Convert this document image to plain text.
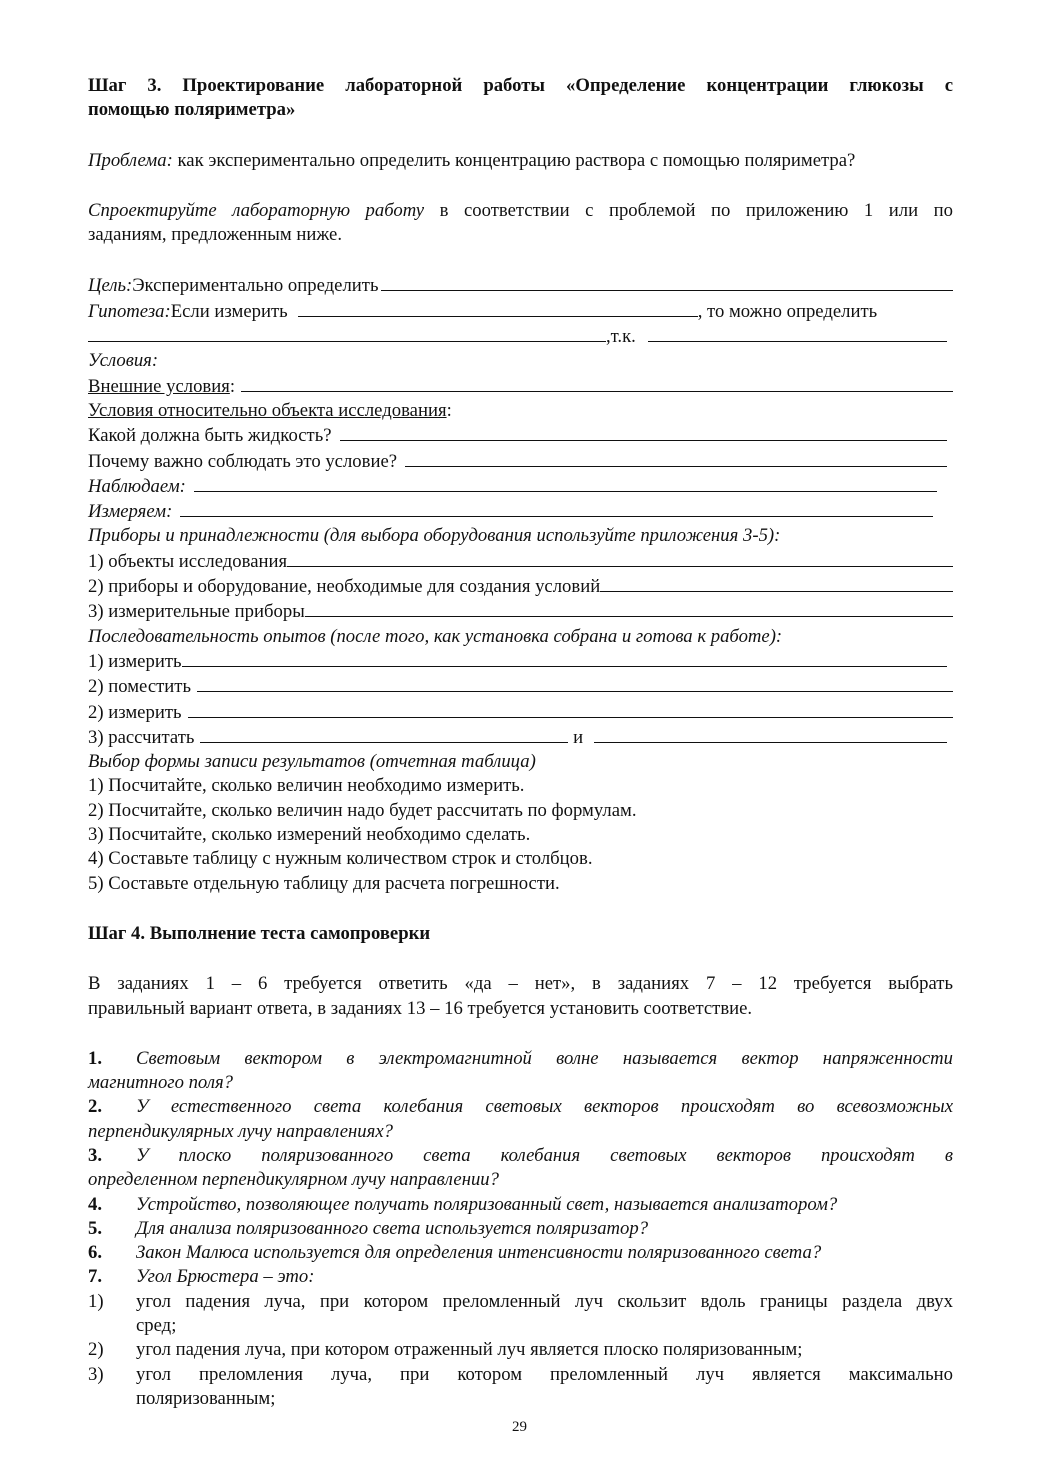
Шаг 3. Проектирование лабораторной работы «Определение концентрации глюкозы с

помощью поляриметра»

Проблема: как экспериментально определить концентрацию раствора с помощью поляриметра?

Спроектируйте лабораторную работу в соответствии с проблемой по приложению 1 или по

заданиям, предложенным ниже.

Цель: Экспериментально определить
Гипотеза: Если измерить	, то можно определить
,т.к.

Условия:

Внешние условия :

Условия относительно объекта исследования:

Какой должна быть жидкость?
Почему важно соблюдать это условие?
Наблюдаем:
Измеряем:

Приборы и принадлежности (для выбора оборудования используйте приложения 3-5):

1) объекты исследования
2) приборы и оборудование, необходимые для создания условий
3) измерительные приборы

Последовательность опытов (после того, как установка собрана и готова к работе):

1) измерить
2) поместить
2) измерить
3) рассчитать	и

Выбор формы записи результатов (отчетная таблица)

1) Посчитайте, сколько величин необходимо измерить.

2) Посчитайте, сколько величин надо будет рассчитать по формулам.

3) Посчитайте, сколько измерений необходимо сделать.

4) Составьте таблицу с нужным количеством строк и столбцов.

5) Составьте отдельную таблицу для расчета погрешности.

Шаг 4. Выполнение теста самопроверки

В заданиях 1 – 6 требуется ответить «да – нет», в заданиях 7 – 12 требуется выбрать

правильный вариант ответа, в заданиях 13 – 16 требуется установить соответствие.

1. Световым вектором в электромагнитной волне называется вектор напряженности

магнитного поля?

2. У естественного света колебания световых векторов происходят во всевозможных

перпендикулярных лучу направлениях?

3. У плоско поляризованного света колебания световых векторов происходят в

определенном перпендикулярном лучу направлении?

4. Устройство, позволяющее получать поляризованный свет, называется анализатором?

5. Для анализа поляризованного света используется поляризатор?

6. Закон Малюса используется для определения интенсивности поляризованного света?

7. Угол Брюстера – это:

1)	угол падения луча, при котором преломленный луч скользит вдоль границы раздела двух

сред;

2)	угол падения луча, при котором отраженный луч является плоско поляризованным;

3)	угол преломления луча, при котором преломленный луч является максимально

поляризованным;

29
